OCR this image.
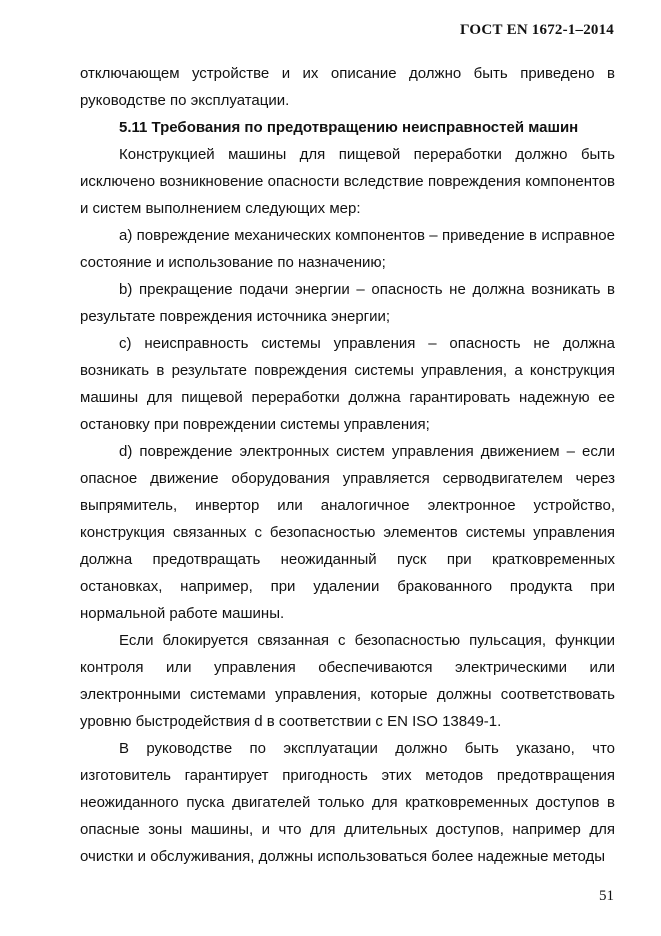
ГОСТ EN 1672-1–2014

отключающем устройстве и их описание должно быть приведено в руководстве по эксплуатации.

5.11 Требования по предотвращению неисправностей машин

Конструкцией машины для пищевой переработки должно быть исключено возникновение опасности вследствие повреждения компонентов и систем выполнением следующих мер:

а) повреждение механических компонентов – приведение в исправное состояние и использование по назначению;

b) прекращение подачи энергии – опасность не должна возникать в результате повреждения источника энергии;

c) неисправность системы управления – опасность не должна возникать в результате повреждения системы управления, а конструкция машины для пищевой переработки должна гарантировать надежную ее остановку при повреждении системы управления;

d) повреждение электронных систем управления движением – если опасное движение оборудования управляется серводвигателем через выпрямитель, инвертор или аналогичное электронное устройство, конструкция связанных с безопасностью элементов системы управления должна предотвращать неожиданный пуск при кратковременных остановках, например, при удалении бракованного продукта при нормальной работе машины.

Если блокируется связанная с безопасностью пульсация, функции контроля или управления обеспечиваются электрическими или электронными системами управления, которые должны соответствовать уровню быстродействия d в соответствии с EN ISO 13849-1.

В руководстве по эксплуатации должно быть указано, что изготовитель гарантирует пригодность этих методов предотвращения неожиданного пуска двигателей только для кратковременных доступов в опасные зоны машины, и что для длительных доступов, например для очистки и обслуживания, должны использоваться более надежные методы

51
